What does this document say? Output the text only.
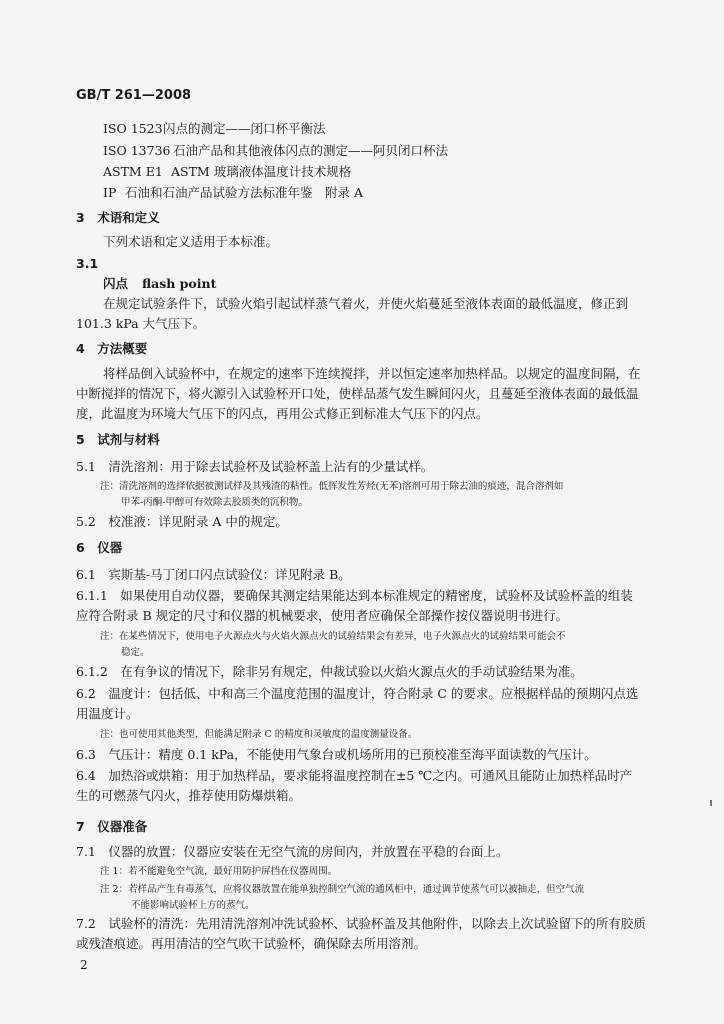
GB/T 261—2008
ISO 1523闪点的测定——闭口杯平衡法
ISO 13736 石油产品和其他液体闪点的测定——阿贝闭口杯法
ASTM E1 ASTM 玻璃液体温度计技术规格
IP 石油和石油产品试验方法标准年鉴　附录 A
3　术语和定义
下列术语和定义适用于本标准。
3.1
闪点 flash point
在规定试验条件下，试验火焰引起试样蒸气着火，并使火焰蔓延至液体表面的最低温度，修正到
101.3 kPa 大气压下。
4　方法概要
将样品倒入试验杯中，在规定的速率下连续搅拌，并以恒定速率加热样品。以规定的温度间隔，在
中断搅拌的情况下，将火源引入试验杯开口处，使样品蒸气发生瞬间闪火，且蔓延至液体表面的最低温
度，此温度为环境大气压下的闪点，再用公式修正到标准大气压下的闪点。
5　试剂与材料
5.1　清洗溶剂：用于除去试验杯及试验杯盖上沾有的少量试样。
注：清洗溶剂的选择依据被测试样及其残渣的粘性。低挥发性芳烃(无苯)溶剂可用于除去油的痕迹，混合溶剂如
甲苯-丙酮-甲醇可有效除去胶质类的沉积物。
5.2　校准液：详见附录 A 中的规定。
6　仪器
6.1　宾斯基-马丁闭口闪点试验仪：详见附录 B。
6.1.1　如果使用自动仪器，要确保其测定结果能达到本标准规定的精密度，试验杯及试验杯盖的组装
应符合附录 B 规定的尺寸和仪器的机械要求，使用者应确保全部操作按仪器说明书进行。
注：在某些情况下，使用电子火源点火与火焰火源点火的试验结果会有差异，电子火源点火的试验结果可能会不
稳定。
6.1.2　在有争议的情况下，除非另有规定，仲裁试验以火焰火源点火的手动试验结果为准。
6.2　温度计：包括低、中和高三个温度范围的温度计，符合附录 C 的要求。应根据样品的预期闪点选
用温度计。
注：也可使用其他类型，但能满足附录 C 的精度和灵敏度的温度测量设备。
6.3　气压计：精度 0.1 kPa，不能使用气象台或机场所用的已预校准至海平面读数的气压计。
6.4　加热浴或烘箱：用于加热样品，要求能将温度控制在±5 ℃之内。可通风且能防止加热样品时产
生的可燃蒸气闪火，推荐使用防爆烘箱。
7　仪器准备
7.1　仪器的放置：仪器应安装在无空气流的房间内，并放置在平稳的台面上。
注 1：若不能避免空气流，最好用防护屏挡在仪器周围。
注 2：若样品产生有毒蒸气，应将仪器放置在能单独控制空气流的通风柜中，通过调节使蒸气可以被抽走，但空气流
不能影响试验杯上方的蒸气。
7.2　试验杯的清洗：先用清洗溶剂冲洗试验杯、试验杯盖及其他附件，以除去上次试验留下的所有胶质
或残渣痕迹。再用清洁的空气吹干试验杯，确保除去所用溶剂。
2
